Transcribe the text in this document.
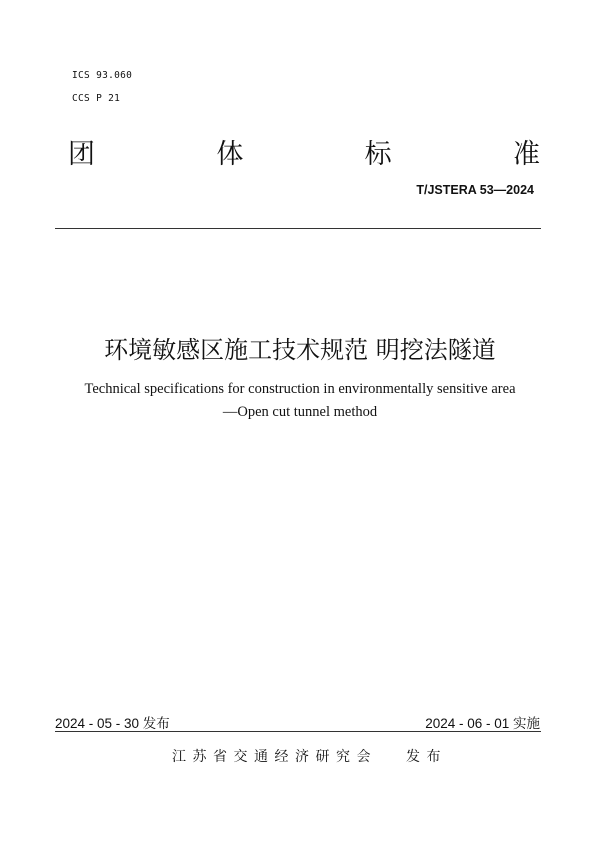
ICS 93.060
CCS P 21
团	体	标	准
T/JSTERA 53—2024
环境敏感区施工技术规范 明挖法隧道
Technical specifications for construction in environmentally sensitive area
—Open cut tunnel method
2024 - 05 - 30 发布	2024 - 06 - 01 实施
江苏省交通经济研究会 发布
